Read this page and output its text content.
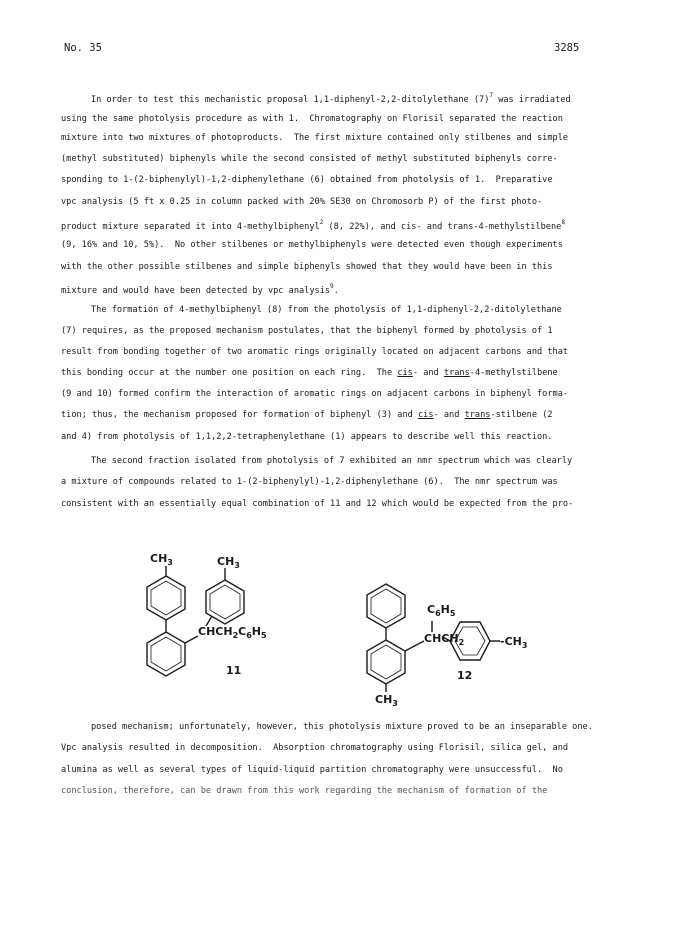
No. 35	3285
In order to test this mechanistic proposal 1,1-diphenyl-2,2-ditolylethane $(7)^7$ was irradiated
using the same photolysis procedure as with 1.  Chromatography on Florisil separated the reaction
mixture into two mixtures of photoproducts.  The first mixture contained only stilbenes and simple
(methyl substituted) biphenyls while the second consisted of methyl substituted biphenyls corre-
sponding to 1-(2-biphenylyl)-1,2-diphenylethane (6) obtained from photolysis of 1.  Preparative
vpc analysis (5 ft x 0.25 in column packed with 20% SE30 on Chromosorb P) of the first photo-
product mixture separated it into 4-methylbiphenyl$^2$ (8, 22%), and cis- and trans-4-methylstilbene$^8$
(9, 16% and 10, 5%).  No other stilbenes or methylbiphenyls were detected even though experiments
with the other possible stilbenes and simple biphenyls showed that they would have been in this
mixture and would have been detected by vpc analysis$^9$.
The formation of 4-methylbiphenyl (8) from the photolysis of 1,1-diphenyl-2,2-ditolylethane
(7) requires, as the proposed mechanism postulates, that the biphenyl formed by photolysis of 1
result from bonding together of two aromatic rings originally located on adjacent carbons and that
this bonding occur at the number one position on each ring.  The cis- and trans-4-methylstilbene
(9 and 10) formed confirm the interaction of aromatic rings on adjacent carbons in biphenyl forma-
tion; thus, the mechanism proposed for formation of biphenyl (3) and cis- and trans-stilbene (2
and 4) from photolysis of 1,1,2,2-tetraphenylethane (1) appears to describe well this reaction.
The second fraction isolated from photolysis of 7 exhibited an nmr spectrum which was clearly
a mixture of compounds related to 1-(2-biphenylyl)-1,2-diphenylethane (6).  The nmr spectrum was
consistent with an essentially equal combination of 11 and 12 which would be expected from the pro-
posed mechanism; unfortunately, however, this photolysis mixture proved to be an inseparable one.
Vpc analysis resulted in decomposition.  Absorption chromatography using Florisil, silica gel, and
alumina as well as several types of liquid-liquid partition chromatography were unsuccessful.  No
conclusion, therefore, can be drawn from this work regarding the mechanism of formation of the
$CH_3$	$CH_3$
$CHCH_2C_6H_5$
11
$C_6H_5$
$CHCH_2$	$-CH_3$
$CH_3$
12
